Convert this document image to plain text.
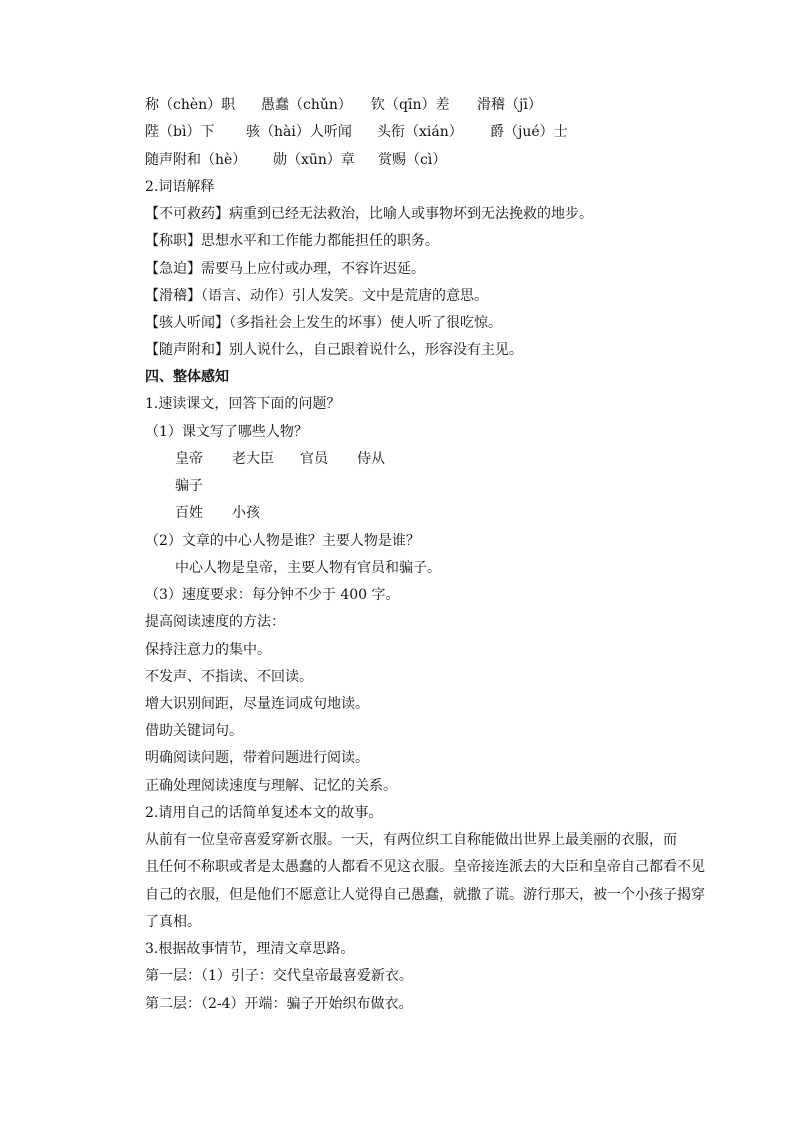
称（chèn）职 愚蠢（chǔn） 钦（qīn）差 滑稽（jī）
陛（bì）下 骇（hài）人听闻 头衔（xián） 爵（jué）士
随声附和（hè） 勋（xūn）章 赏赐（cì）
2.词语解释
【不可救药】病重到已经无法救治，比喻人或事物坏到无法挽救的地步。
【称职】思想水平和工作能力都能担任的职务。
【急迫】需要马上应付或办理，不容许迟延。
【滑稽】（语言、动作）引人发笑。文中是荒唐的意思。
【骇人听闻】（多指社会上发生的坏事）使人听了很吃惊。
【随声附和】别人说什么，自己跟着说什么，形容没有主见。
四、整体感知
1.速读课文，回答下面的问题？
（1）课文写了哪些人物？
皇帝 老大臣 官员 侍从
骗子
百姓 小孩
（2）文章的中心人物是谁？主要人物是谁？
中心人物是皇帝，主要人物有官员和骗子。
（3）速度要求：每分钟不少于 400 字。
提高阅读速度的方法：
保持注意力的集中。
不发声、不指读、不回读。
增大识别间距，尽量连词成句地读。
借助关键词句。
明确阅读问题，带着问题进行阅读。
正确处理阅读速度与理解、记忆的关系。
2.请用自己的话简单复述本文的故事。
从前有一位皇帝喜爱穿新衣服。一天，有两位织工自称能做出世界上最美丽的衣服，而
且任何不称职或者是太愚蠢的人都看不见这衣服。皇帝接连派去的大臣和皇帝自己都看不见
自己的衣服，但是他们不愿意让人觉得自己愚蠢，就撒了谎。游行那天，被一个小孩子揭穿
了真相。
3.根据故事情节，理清文章思路。
第一层：（1）引子：交代皇帝最喜爱新衣。
第二层：（2-4）开端：骗子开始织布做衣。
